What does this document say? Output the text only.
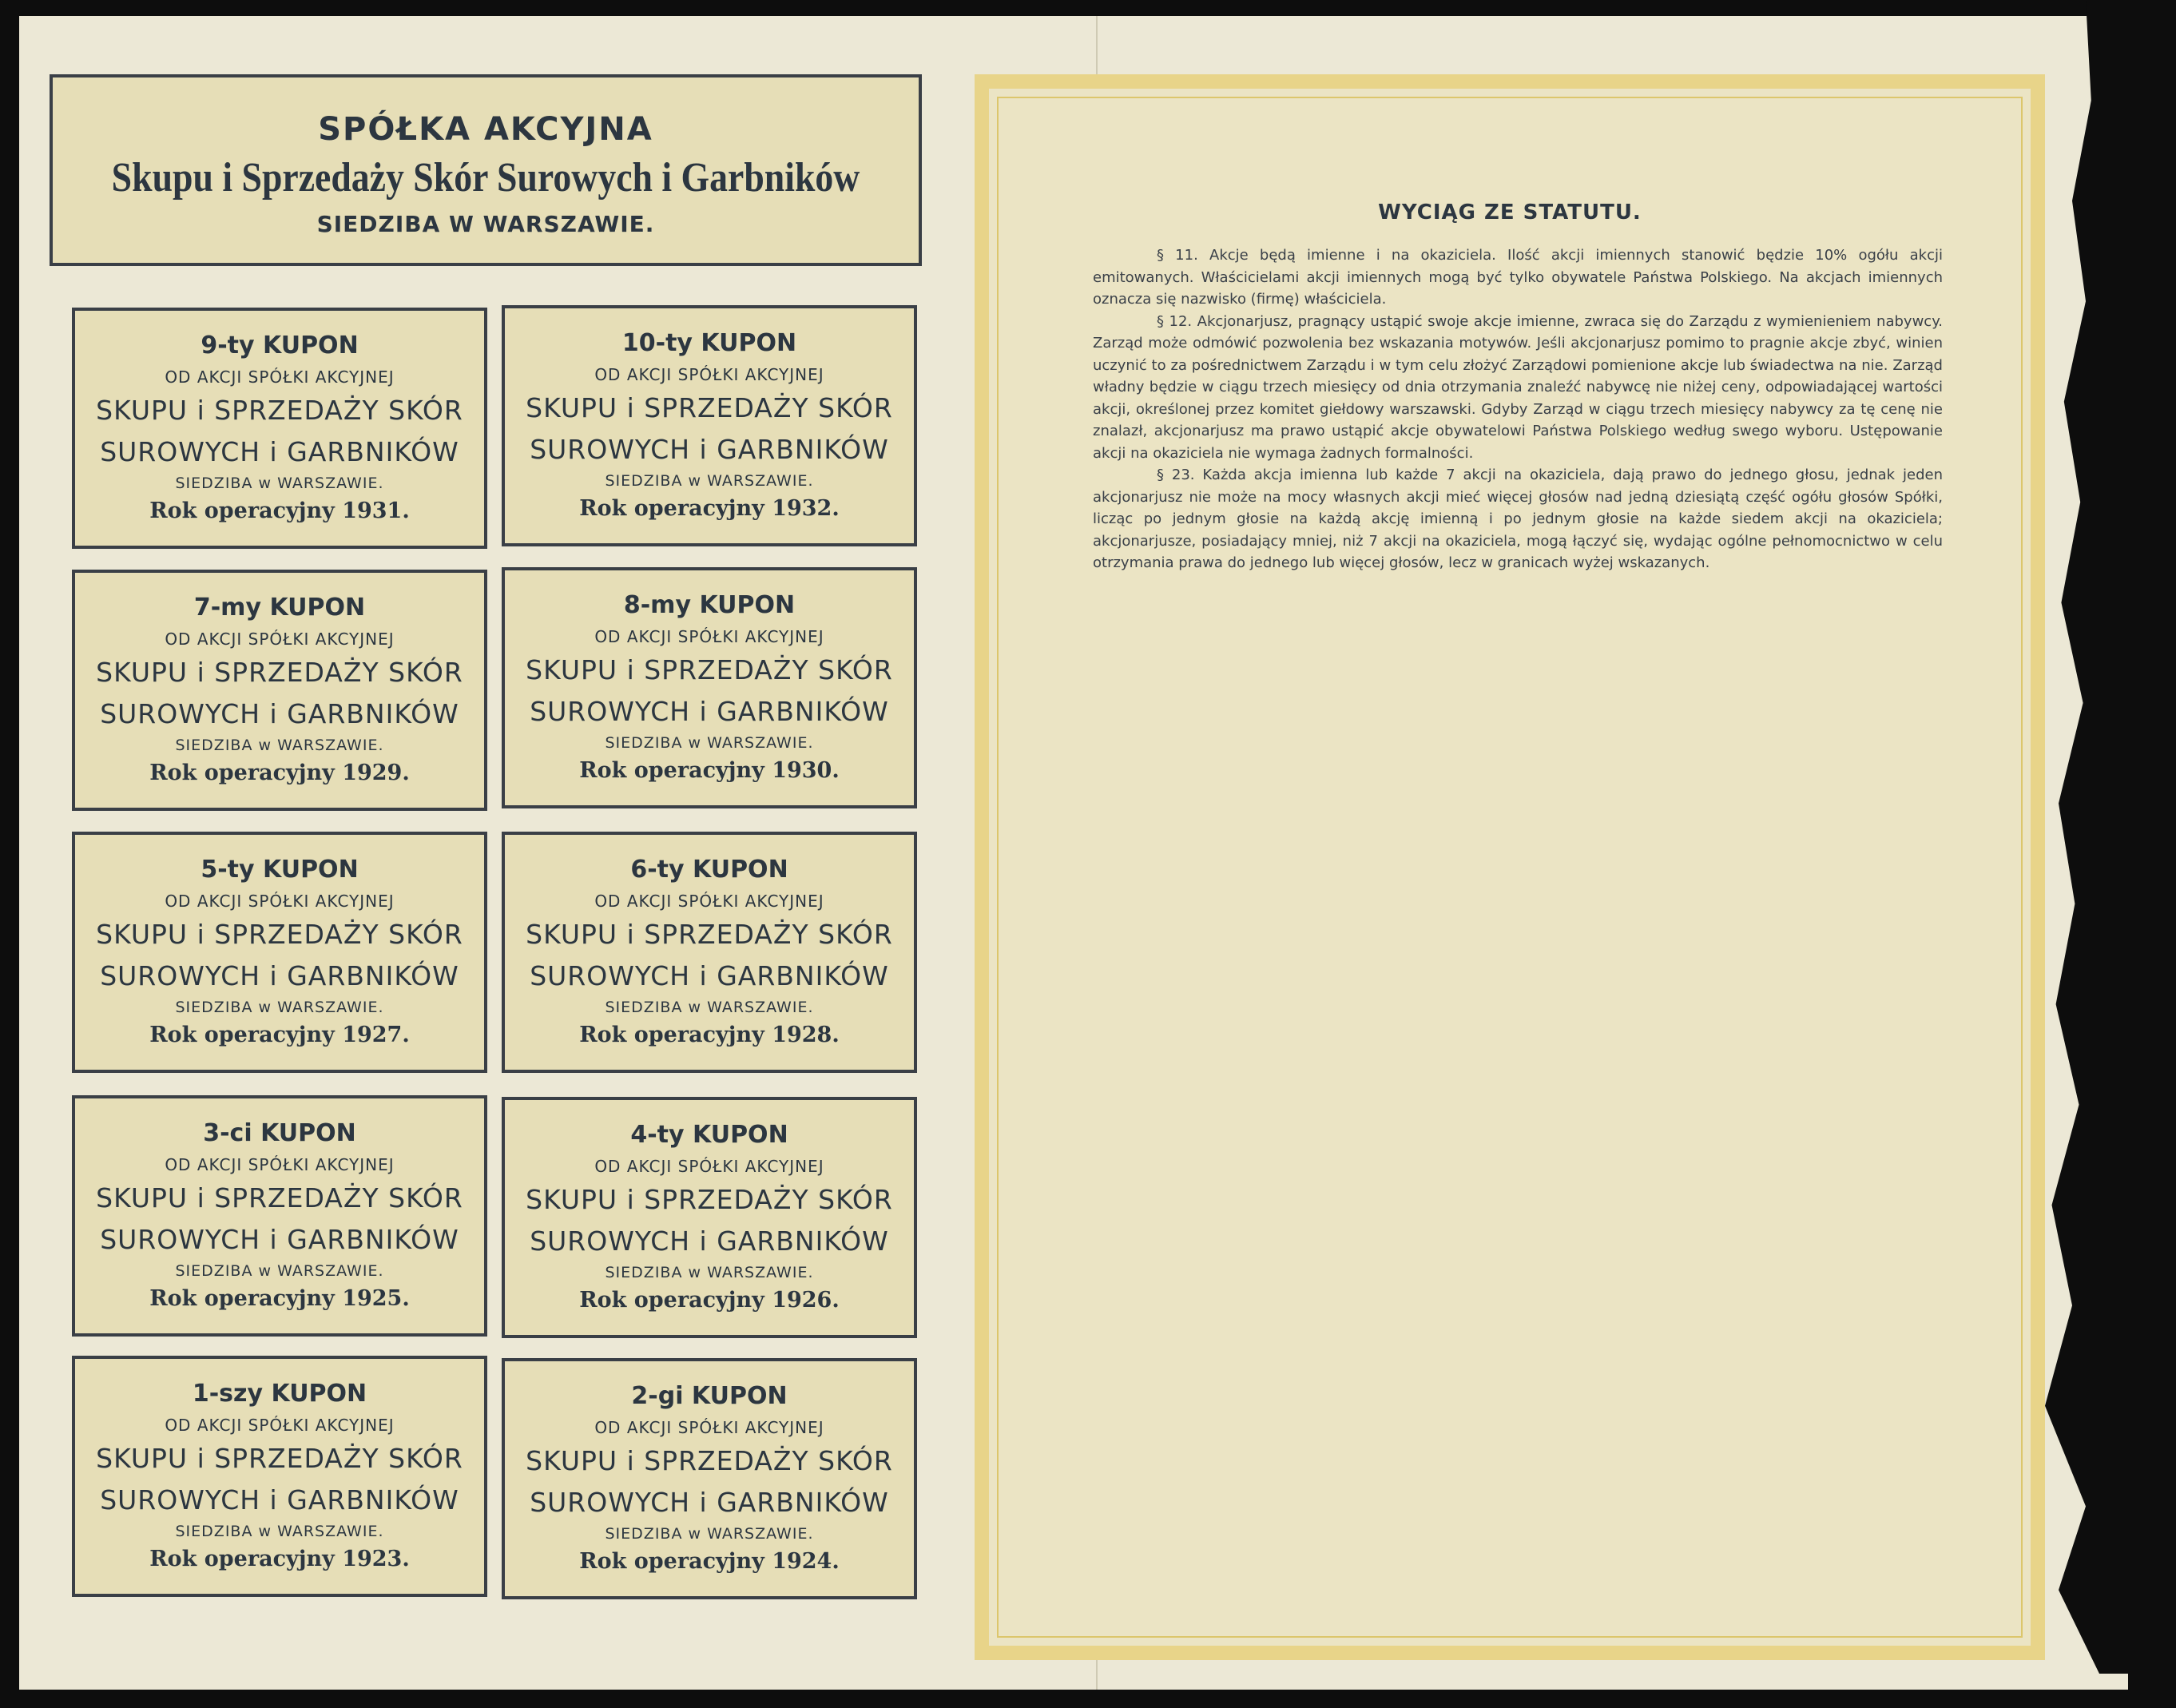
SPÓŁKA AKCYJNA
Skupu i Sprzedaży Skór Surowych i Garbników
SIEDZIBA W WARSZAWIE.
9-ty KUPON
OD AKCJI SPÓŁKI AKCYJNEJ
SKUPU i SPRZEDAŻY SKÓR
SUROWYCH i GARBNIKÓW
SIEDZIBA w WARSZAWIE.
Rok operacyjny 1931.
10-ty KUPON
OD AKCJI SPÓŁKI AKCYJNEJ
SKUPU i SPRZEDAŻY SKÓR
SUROWYCH i GARBNIKÓW
SIEDZIBA w WARSZAWIE.
Rok operacyjny 1932.
7-my KUPON
OD AKCJI SPÓŁKI AKCYJNEJ
SKUPU i SPRZEDAŻY SKÓR
SUROWYCH i GARBNIKÓW
SIEDZIBA w WARSZAWIE.
Rok operacyjny 1929.
8-my KUPON
OD AKCJI SPÓŁKI AKCYJNEJ
SKUPU i SPRZEDAŻY SKÓR
SUROWYCH i GARBNIKÓW
SIEDZIBA w WARSZAWIE.
Rok operacyjny 1930.
5-ty KUPON
OD AKCJI SPÓŁKI AKCYJNEJ
SKUPU i SPRZEDAŻY SKÓR
SUROWYCH i GARBNIKÓW
SIEDZIBA w WARSZAWIE.
Rok operacyjny 1927.
6-ty KUPON
OD AKCJI SPÓŁKI AKCYJNEJ
SKUPU i SPRZEDAŻY SKÓR
SUROWYCH i GARBNIKÓW
SIEDZIBA w WARSZAWIE.
Rok operacyjny 1928.
3-ci KUPON
OD AKCJI SPÓŁKI AKCYJNEJ
SKUPU i SPRZEDAŻY SKÓR
SUROWYCH i GARBNIKÓW
SIEDZIBA w WARSZAWIE.
Rok operacyjny 1925.
4-ty KUPON
OD AKCJI SPÓŁKI AKCYJNEJ
SKUPU i SPRZEDAŻY SKÓR
SUROWYCH i GARBNIKÓW
SIEDZIBA w WARSZAWIE.
Rok operacyjny 1926.
1-szy KUPON
OD AKCJI SPÓŁKI AKCYJNEJ
SKUPU i SPRZEDAŻY SKÓR
SUROWYCH i GARBNIKÓW
SIEDZIBA w WARSZAWIE.
Rok operacyjny 1923.
2-gi KUPON
OD AKCJI SPÓŁKI AKCYJNEJ
SKUPU i SPRZEDAŻY SKÓR
SUROWYCH i GARBNIKÓW
SIEDZIBA w WARSZAWIE.
Rok operacyjny 1924.
WYCIĄG ZE STATUTU.

§ 11. Akcje będą imienne i na okaziciela. Ilość akcji imiennych stanowić będzie 10% ogółu akcji emitowanych. Właścicielami akcji imiennych mogą być tylko obywatele Państwa Polskiego. Na akcjach imiennych oznacza się nazwisko (firmę) właściciela.

§ 12. Akcjonarjusz, pragnący ustąpić swoje akcje imienne, zwraca się do Zarządu z wymienieniem nabywcy. Zarząd może odmówić pozwolenia bez wskazania motywów. Jeśli akcjonarjusz pomimo to pragnie akcje zbyć, winien uczynić to za pośrednictwem Zarządu i w tym celu złożyć Zarządowi pomienione akcje lub świadectwa na nie. Zarząd władny będzie w ciągu trzech miesięcy od dnia otrzymania znaleźć nabywcę nie niżej ceny, odpowiadającej wartości akcji, określonej przez komitet giełdowy warszawski. Gdyby Zarząd w ciągu trzech miesięcy nabywcy za tę cenę nie znalazł, akcjonarjusz ma prawo ustąpić akcje obywatelowi Państwa Polskiego według swego wyboru. Ustępowanie akcji na okaziciela nie wymaga żadnych formalności.

§ 23. Każda akcja imienna lub każde 7 akcji na okaziciela, dają prawo do jednego głosu, jednak jeden akcjonarjusz nie może na mocy własnych akcji mieć więcej głosów nad jedną dziesiątą część ogółu głosów Spółki, licząc po jednym głosie na każdą akcję imienną i po jednym głosie na każde siedem akcji na okaziciela; akcjonarjusze, posiadający mniej, niż 7 akcji na okaziciela, mogą łączyć się, wydając ogólne pełnomocnictwo w celu otrzymania prawa do jednego lub więcej głosów, lecz w granicach wyżej wskazanych.
